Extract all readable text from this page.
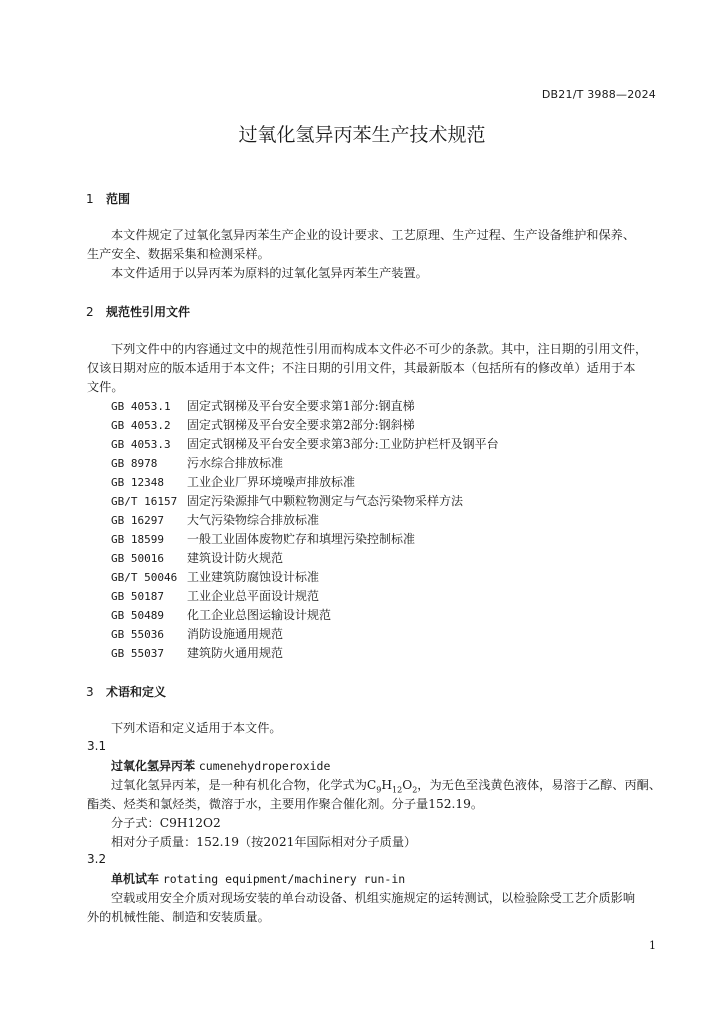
DB21/T 3988—2024
过氧化氢异丙苯生产技术规范
1 范围
本文件规定了过氧化氢异丙苯生产企业的设计要求、工艺原理、生产过程、生产设备维护和保养、
生产安全、数据采集和检测采样。
本文件适用于以异丙苯为原料的过氧化氢异丙苯生产装置。
2 规范性引用文件
下列文件中的内容通过文中的规范性引用而构成本文件必不可少的条款。其中，注日期的引用文件，
仅该日期对应的版本适用于本文件；不注日期的引用文件，其最新版本（包括所有的修改单）适用于本
文件。
GB 4053.1 固定式钢梯及平台安全要求第1部分:钢直梯
GB 4053.2 固定式钢梯及平台安全要求第2部分:钢斜梯
GB 4053.3 固定式钢梯及平台安全要求第3部分:工业防护栏杆及钢平台
GB 8978 污水综合排放标准
GB 12348 工业企业厂界环境噪声排放标准
GB/T 16157 固定污染源排气中颗粒物测定与气态污染物采样方法
GB 16297 大气污染物综合排放标准
GB 18599 一般工业固体废物贮存和填埋污染控制标准
GB 50016 建筑设计防火规范
GB/T 50046 工业建筑防腐蚀设计标准
GB 50187 工业企业总平面设计规范
GB 50489 化工企业总图运输设计规范
GB 55036 消防设施通用规范
GB 55037 建筑防火通用规范
3 术语和定义
下列术语和定义适用于本文件。
3.1
过氧化氢异丙苯 cumenehydroperoxide
过氧化氢异丙苯，是一种有机化合物，化学式为$C_9H_{12}O_2$，为无色至浅黄色液体，易溶于乙醇、丙酮、
酯类、烃类和氯烃类，微溶于水，主要用作聚合催化剂。分子量152.19。
分子式：C9H12O2
相对分子质量：152.19（按2021年国际相对分子质量）
3.2
单机试车 rotating equipment/machinery run-in
空载或用安全介质对现场安装的单台动设备、机组实施规定的运转测试，以检验除受工艺介质影响
外的机械性能、制造和安装质量。
1
